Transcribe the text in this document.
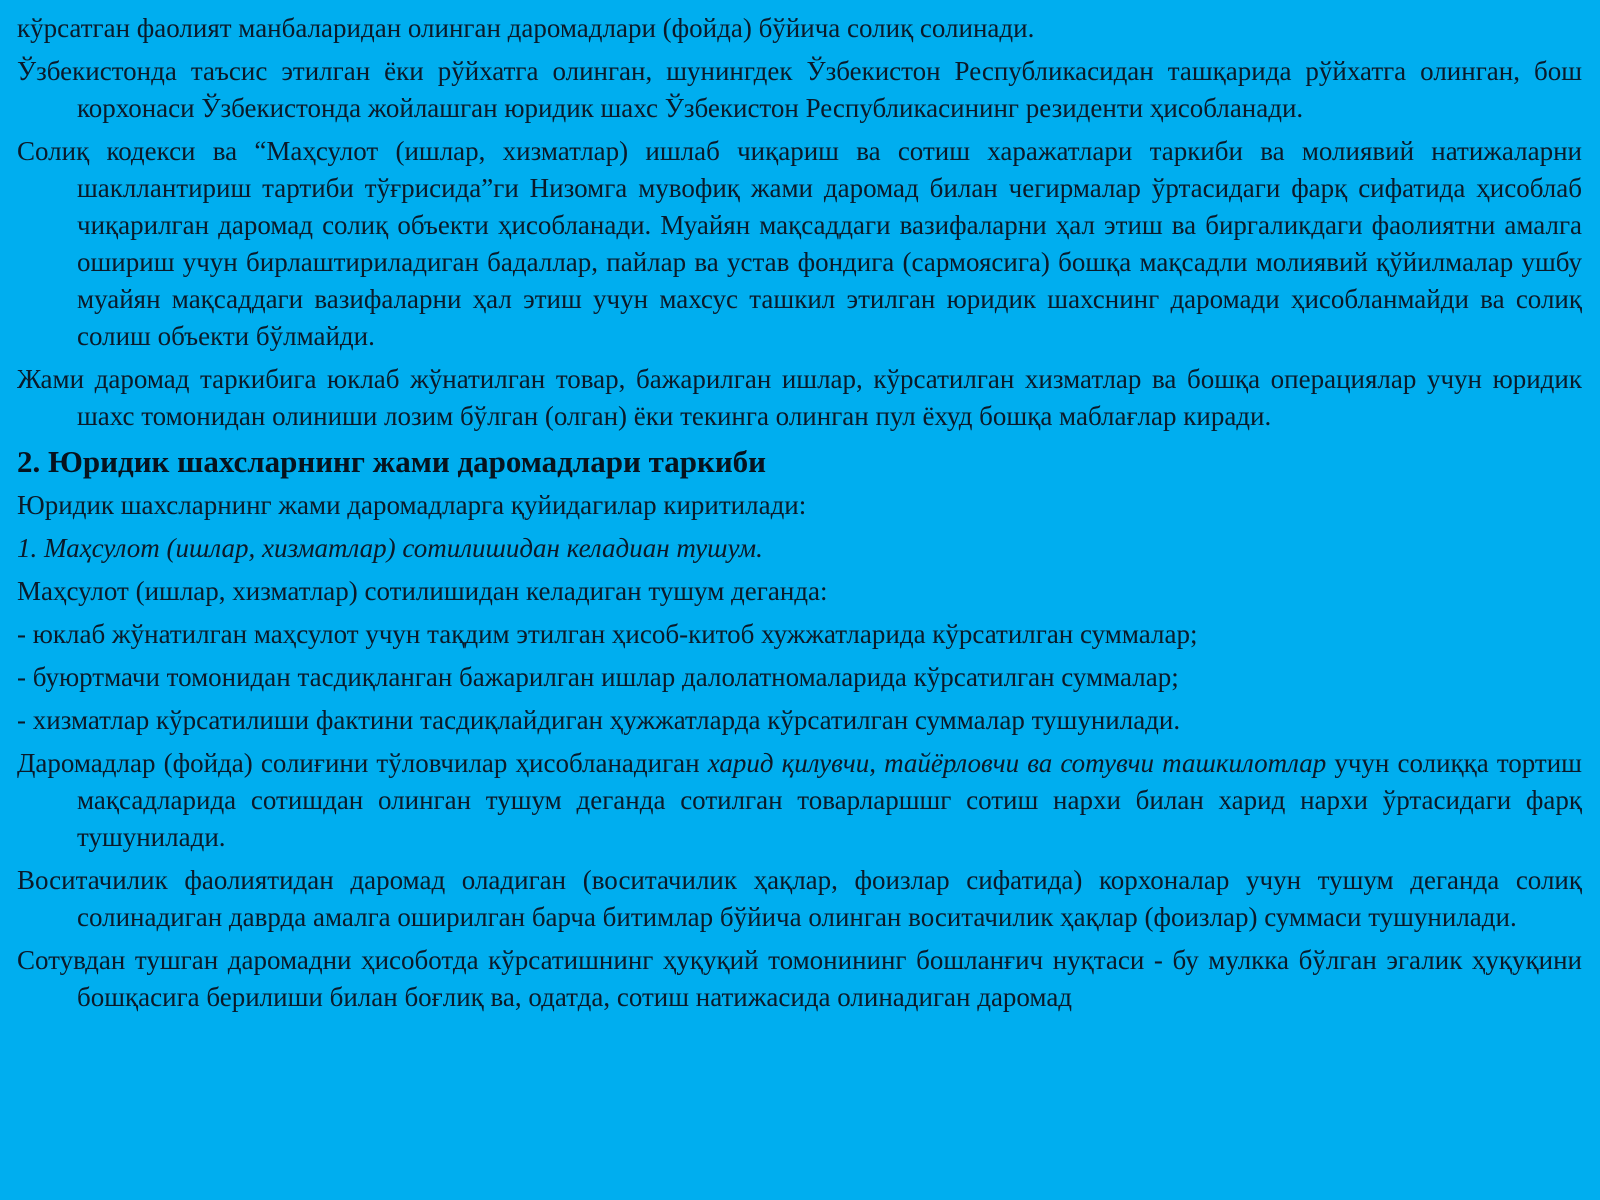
кўрсатган фаолият манбаларидан олинган даромадлари (фойда) бўйича солиқ солинади.

Ўзбекистонда таъсис этилган ёки рўйхатга олинган, шунингдек Ўзбекистон Республикасидан ташқарида рўйхатга олинган, бош корхонаси Ўзбекистонда жойлашган юридик шахс Ўзбекистон Республикасининг резиденти ҳисобланади.

Солиқ кодекси ва “Маҳсулот (ишлар, хизматлар) ишлаб чиқариш ва сотиш харажатлари таркиби ва молиявий натижаларни шакллантириш тартиби тўғрисида”ги Низомга мувофиқ жами даромад билан чегирмалар ўртасидаги фарқ сифатида ҳисоблаб чиқарилган даромад солиқ объекти ҳисобланади. Муайян мақсаддаги вазифаларни ҳал этиш ва биргаликдаги фаолиятни амалга ошириш учун бирлаштириладиган бадаллар, пайлар ва устав фондига (сармоясига) бошқа мақсадли молиявий қўйилмалар ушбу муайян мақсаддаги вазифаларни ҳал этиш учун махсус ташкил этилган юридик шахснинг даромади ҳисобланмайди ва солиқ солиш объекти бўлмайди.

Жами даромад таркибига юклаб жўнатилган товар, бажарилган ишлар, кўрсатилган хизматлар ва бошқа операциялар учун юридик шахс томонидан олиниши лозим бўлган (олган) ёки текинга олинган пул ёхуд бошқа маблағлар киради.

2. Юридик шахсларнинг жами даромадлари таркиби

Юридик шахсларнинг жами даромадларга қуйидагилар киритилади:

1. Маҳсулот (ишлар, хизматлар) сотилишидан келадиан тушум.

Маҳсулот (ишлар, хизматлар) сотилишидан келадиган тушум деганда:

- юклаб жўнатилган маҳсулот учун тақдим этилган ҳисоб-китоб хужжатларида кўрсатилган суммалар;

- буюртмачи томонидан тасдиқланган бажарилган ишлар далолатномаларида кўрсатилган суммалар;

- хизматлар кўрсатилиши фактини тасдиқлайдиган ҳужжатларда кўрсатилган суммалар тушунилади.

Даромадлар (фойда) солиғини тўловчилар ҳисобланадиган харид қилувчи, тайёрловчи ва сотувчи ташкилотлар учун солиққа тортиш мақсадларида сотишдан олинган тушум деганда сотилган товарларшшг сотиш нархи билан харид нархи ўртасидаги фарқ тушунилади.

Воситачилик фаолиятидан даромад оладиган (воситачилик ҳақлар, фоизлар сифатида) корхоналар учун тушум деганда солиқ солинадиган даврда амалга оширилган барча битимлар бўйича олинган воситачилик ҳақлар (фоизлар) суммаси тушунилади.

Сотувдан тушган даромадни ҳисоботда кўрсатишнинг ҳуқуқий томонининг бошланғич нуқтаси - бу мулкка бўлган эгалик ҳуқуқини бошқасига берилиши билан боғлиқ ва, одатда, сотиш натижасида олинадиган даромад
